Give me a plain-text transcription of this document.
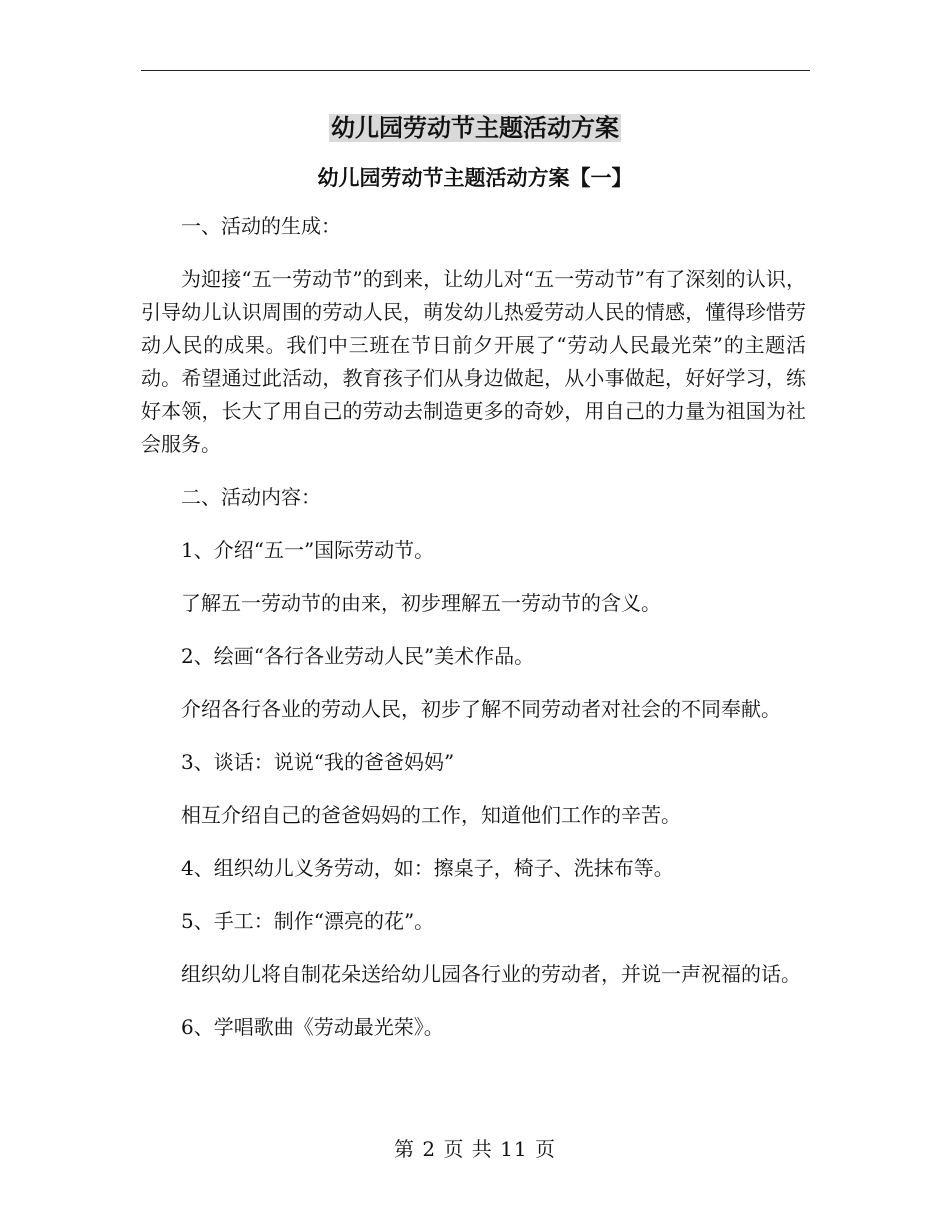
幼儿园劳动节主题活动方案
幼儿园劳动节主题活动方案【一】

一、活动的生成：

为迎接“五一劳动节”的到来，让幼儿对“五一劳动节”有了深刻的认识，引导幼儿认识周围的劳动人民，萌发幼儿热爱劳动人民的情感，懂得珍惜劳动人民的成果。我们中三班在节日前夕开展了“劳动人民最光荣”的主题活动。希望通过此活动，教育孩子们从身边做起，从小事做起，好好学习，练好本领，长大了用自己的劳动去制造更多的奇妙，用自己的力量为祖国为社会服务。

二、活动内容：

1、介绍“五一”国际劳动节。

了解五一劳动节的由来，初步理解五一劳动节的含义。

2、绘画“各行各业劳动人民”美术作品。

介绍各行各业的劳动人民，初步了解不同劳动者对社会的不同奉献。

3、谈话：说说“我的爸爸妈妈”

相互介绍自己的爸爸妈妈的工作，知道他们工作的辛苦。

4、组织幼儿义务劳动，如：擦桌子，椅子、洗抹布等。

5、手工：制作“漂亮的花”。

组织幼儿将自制花朵送给幼儿园各行业的劳动者，并说一声祝福的话。

6、学唱歌曲《劳动最光荣》。

第 2 页 共 11 页
